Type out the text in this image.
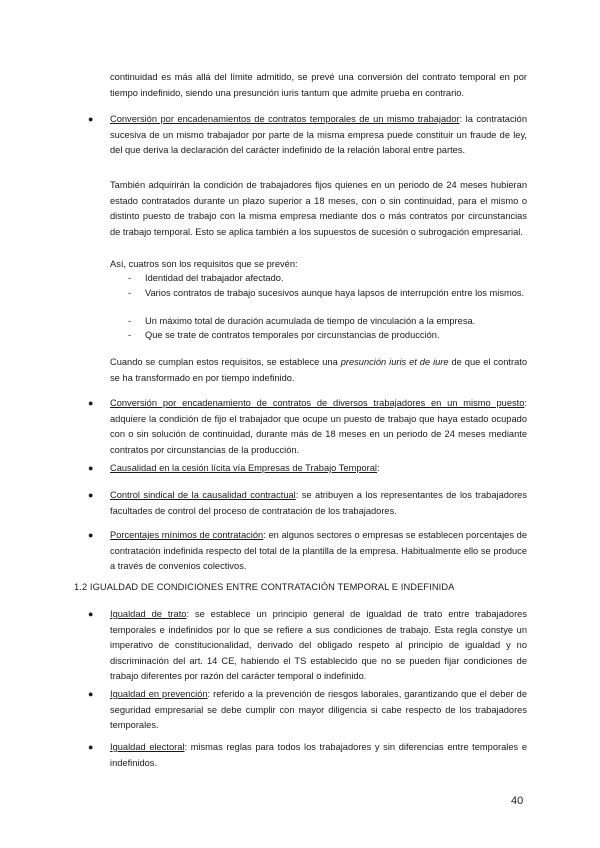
continuidad es más allá del límite admitido, se prevé una conversión del contrato temporal en por tiempo indefinido, siendo una presunción iuris tantum que admite prueba en contrario.

● Conversión por encadenamientos de contratos temporales de un mismo trabajador: la contratación sucesiva de un mismo trabajador por parte de la misma empresa puede constituir un fraude de ley, del que deriva la declaración del carácter indefinido de la relación laboral entre partes.

También adquirirán la condición de trabajadores fijos quienes en un periodo de 24 meses hubieran estado contratados durante un plazo superior a 18 meses, con o sin continuidad, para el mismo o distinto puesto de trabajo con la misma empresa mediante dos o más contratos por circunstancias de trabajo temporal. Esto se aplica también a los supuestos de sucesión o subrogación empresarial.

Así, cuatros son los requisitos que se prevén:

-	Identidad del trabajador afectado.
-	Varios contratos de trabajo sucesivos aunque haya lapsos de interrupción entre los mismos.
-	Un máximo total de duración acumulada de tiempo de vinculación a la empresa.
-	Que se trate de contratos temporales por circunstancias de producción.

Cuando se cumplan estos requisitos, se establece una presunción iuris et de iure de que el contrato se ha transformado en por tiempo indefinido.

● Conversión por encadenamiento de contratos de diversos trabajadores en un mismo puesto: adquiere la condición de fijo el trabajador que ocupe un puesto de trabajo que haya estado ocupado con o sin solución de continuidad, durante más de 18 meses en un periodo de 24 meses mediante contratos por circunstancias de la producción.

● Causalidad en la cesión lícita vía Empresas de Trabajo Temporal:

● Control sindical de la causalidad contractual: se atribuyen a los representantes de los trabajadores facultades de control del proceso de contratación de los trabajadores.

● Porcentajes mínimos de contratación: en algunos sectores o empresas se establecen porcentajes de contratación indefinida respecto del total de la plantilla de la empresa. Habitualmente ello se produce a través de convenios colectivos.

1.2 IGUALDAD DE CONDICIONES ENTRE CONTRATACIÓN TEMPORAL E INDEFINIDA
● Igualdad de trato: se establece un principio general de igualdad de trato entre trabajadores temporales e indefinidos por lo que se refiere a sus condiciones de trabajo. Esta regla constye un imperativo de constitucionalidad, derivado del obligado respeto al principio de igualdad y no discriminación del art. 14 CE, habiendo el TS establecido que no se pueden fijar condiciones de trabajo diferentes por razón del carácter temporal o indefinido.

● Igualdad en prevención: referido a la prevención de riesgos laborales, garantizando que el deber de seguridad empresarial se debe cumplir con mayor diligencia si cabe respecto de los trabajadores temporales.

● Igualdad electoral: mismas reglas para todos los trabajadores y sin diferencias entre temporales e indefinidos.

40
